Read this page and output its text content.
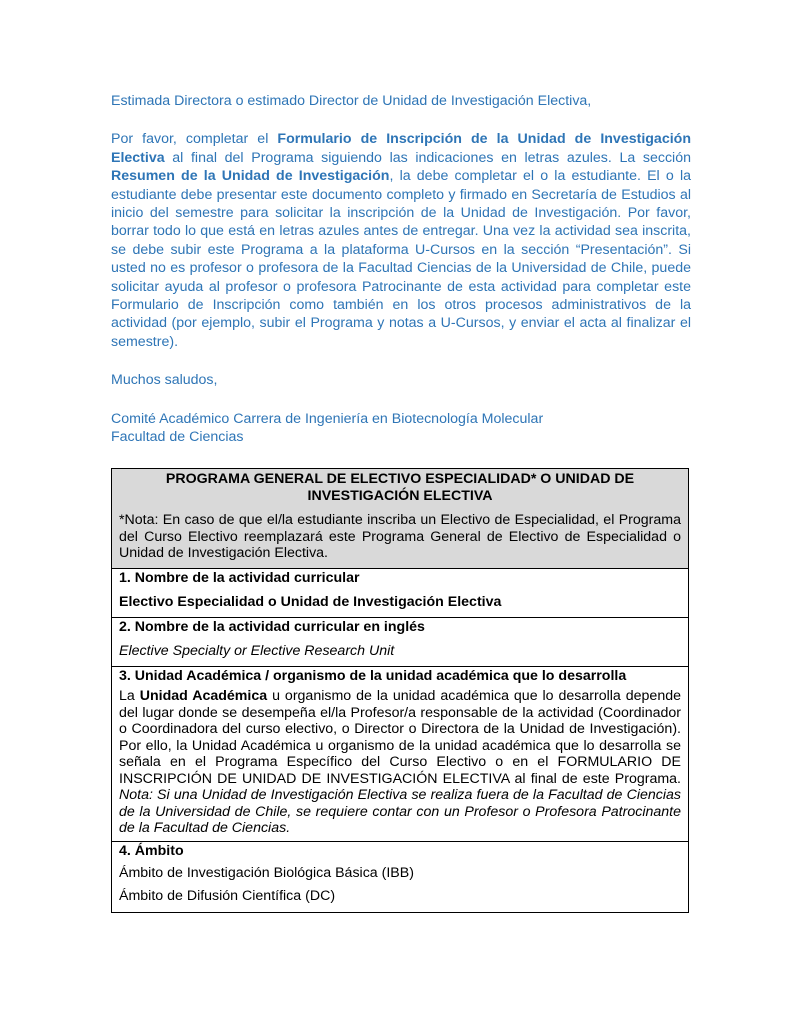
Estimada Directora o estimado Director de Unidad de Investigación Electiva,

Por favor, completar el Formulario de Inscripción de la Unidad de Investigación Electiva al final del Programa siguiendo las indicaciones en letras azules. La sección Resumen de la Unidad de Investigación, la debe completar el o la estudiante. El o la estudiante debe presentar este documento completo y firmado en Secretaría de Estudios al inicio del semestre para solicitar la inscripción de la Unidad de Investigación. Por favor, borrar todo lo que está en letras azules antes de entregar. Una vez la actividad sea inscrita, se debe subir este Programa a la plataforma U-Cursos en la sección “Presentación”. Si usted no es profesor o profesora de la Facultad Ciencias de la Universidad de Chile, puede solicitar ayuda al profesor o profesora Patrocinante de esta actividad para completar este Formulario de Inscripción como también en los otros procesos administrativos de la actividad (por ejemplo, subir el Programa y notas a U-Cursos, y enviar el acta al finalizar el semestre).

Muchos saludos,

Comité Académico Carrera de Ingeniería en Biotecnología Molecular

Facultad de Ciencias

PROGRAMA GENERAL DE ELECTIVO ESPECIALIDAD* O UNIDAD DE INVESTIGACIÓN ELECTIVA
*Nota: En caso de que el/la estudiante inscriba un Electivo de Especialidad, el Programa del Curso Electivo reemplazará este Programa General de Electivo de Especialidad o Unidad de Investigación Electiva.

1. Nombre de la actividad curricular
Electivo Especialidad o Unidad de Investigación Electiva

2. Nombre de la actividad curricular en inglés
Elective Specialty or Elective Research Unit

3. Unidad Académica / organismo de la unidad académica que lo desarrolla
La Unidad Académica u organismo de la unidad académica que lo desarrolla depende del lugar donde se desempeña el/la Profesor/a responsable de la actividad (Coordinador o Coordinadora del curso electivo, o Director o Directora de la Unidad de Investigación). Por ello, la Unidad Académica u organismo de la unidad académica que lo desarrolla se señala en el Programa Específico del Curso Electivo o en el FORMULARIO DE INSCRIPCIÓN DE UNIDAD DE INVESTIGACIÓN ELECTIVA al final de este Programa. Nota: Si una Unidad de Investigación Electiva se realiza fuera de la Facultad de Ciencias de la Universidad de Chile, se requiere contar con un Profesor o Profesora Patrocinante de la Facultad de Ciencias.

4. Ámbito
Ámbito de Investigación Biológica Básica (IBB)
Ámbito de Difusión Científica (DC)
